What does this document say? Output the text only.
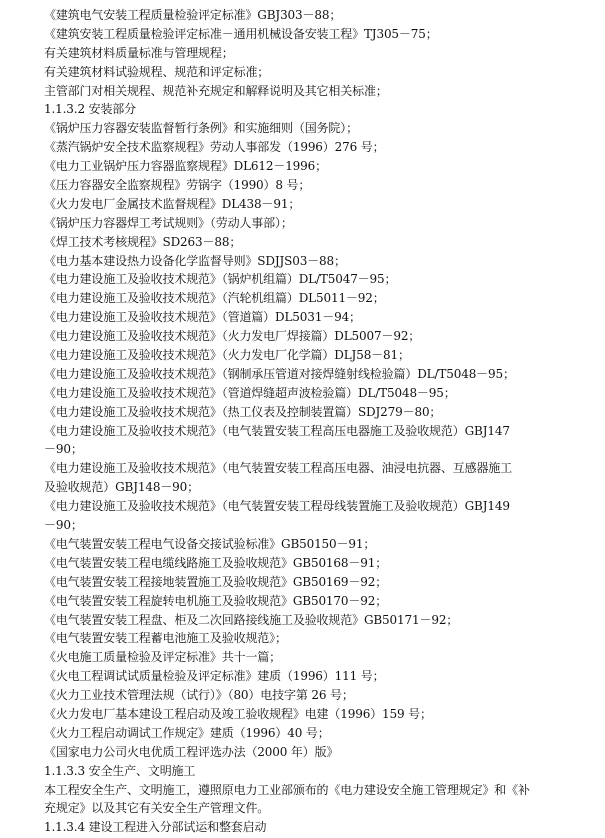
《建筑电气安装工程质量检验评定标准》GBJ303－88；
《建筑安装工程质量检验评定标准－通用机械设备安装工程》TJ305－75；
有关建筑材料质量标准与管理规程；
有关建筑材料试验规程、规范和评定标准；
主管部门对相关规程、规范补充规定和解释说明及其它相关标准；
1.1.3.2 安装部分
《锅炉压力容器安装监督暂行条例》和实施细则（国务院）；
《蒸汽锅炉安全技术监察规程》劳动人事部发（1996）276 号；
《电力工业锅炉压力容器监察规程》DL612－1996；
《压力容器安全监察规程》劳锅字（1990）8 号；
《火力发电厂金属技术监督规程》DL438－91；
《锅炉压力容器焊工考试规则》（劳动人事部）；
《焊工技术考核规程》SD263－88；
《电力基本建设热力设备化学监督导则》SDJJS03－88；
《电力建设施工及验收技术规范》（锅炉机组篇）DL/T5047－95；
《电力建设施工及验收技术规范》（汽轮机组篇）DL5011－92；
《电力建设施工及验收技术规范》（管道篇）DL5031－94；
《电力建设施工及验收技术规范》（火力发电厂焊接篇）DL5007－92；
《电力建设施工及验收技术规范》（火力发电厂化学篇）DLJ58－81；
《电力建设施工及验收技术规范》（钢制承压管道对接焊缝射线检验篇）DL/T5048－95；
《电力建设施工及验收技术规范》（管道焊缝超声波检验篇）DL/T5048－95；
《电力建设施工及验收技术规范》（热工仪表及控制装置篇）SDJ279－80；
《电力建设施工及验收技术规范》（电气装置安装工程高压电器施工及验收规范）GBJ147
－90；
《电力建设施工及验收技术规范》（电气装置安装工程高压电器、油浸电抗器、互感器施工
及验收规范）GBJ148－90；
《电力建设施工及验收技术规范》（电气装置安装工程母线装置施工及验收规范）GBJ149
－90；
《电气装置安装工程电气设备交接试验标准》GB50150－91；
《电气装置安装工程电缆线路施工及验收规范》GB50168－91；
《电气装置安装工程接地装置施工及验收规范》GB50169－92；
《电气装置安装工程旋转电机施工及验收规范》GB50170－92；
《电气装置安装工程盘、柜及二次回路接线施工及验收规范》GB50171－92；
《电气装置安装工程蓄电池施工及验收规范》；
《火电施工质量检验及评定标准》共十一篇；
《火电工程调试试质量检验及评定标准》建质（1996）111 号；
《火力工业技术管理法规（试行）》（80）电技字第 26 号；
《火力发电厂基本建设工程启动及竣工验收规程》电建（1996）159 号；
《火力工程启动调试工作规定》建质（1996）40 号；
《国家电力公司火电优质工程评选办法（2000 年）版》
1.1.3.3 安全生产、文明施工
本工程安全生产、文明施工，遵照原电力工业部颁布的《电力建设安全施工管理规定》和《补
充规定》以及其它有关安全生产管理文件。
1.1.3.4 建设工程进入分部试运和整套启动
